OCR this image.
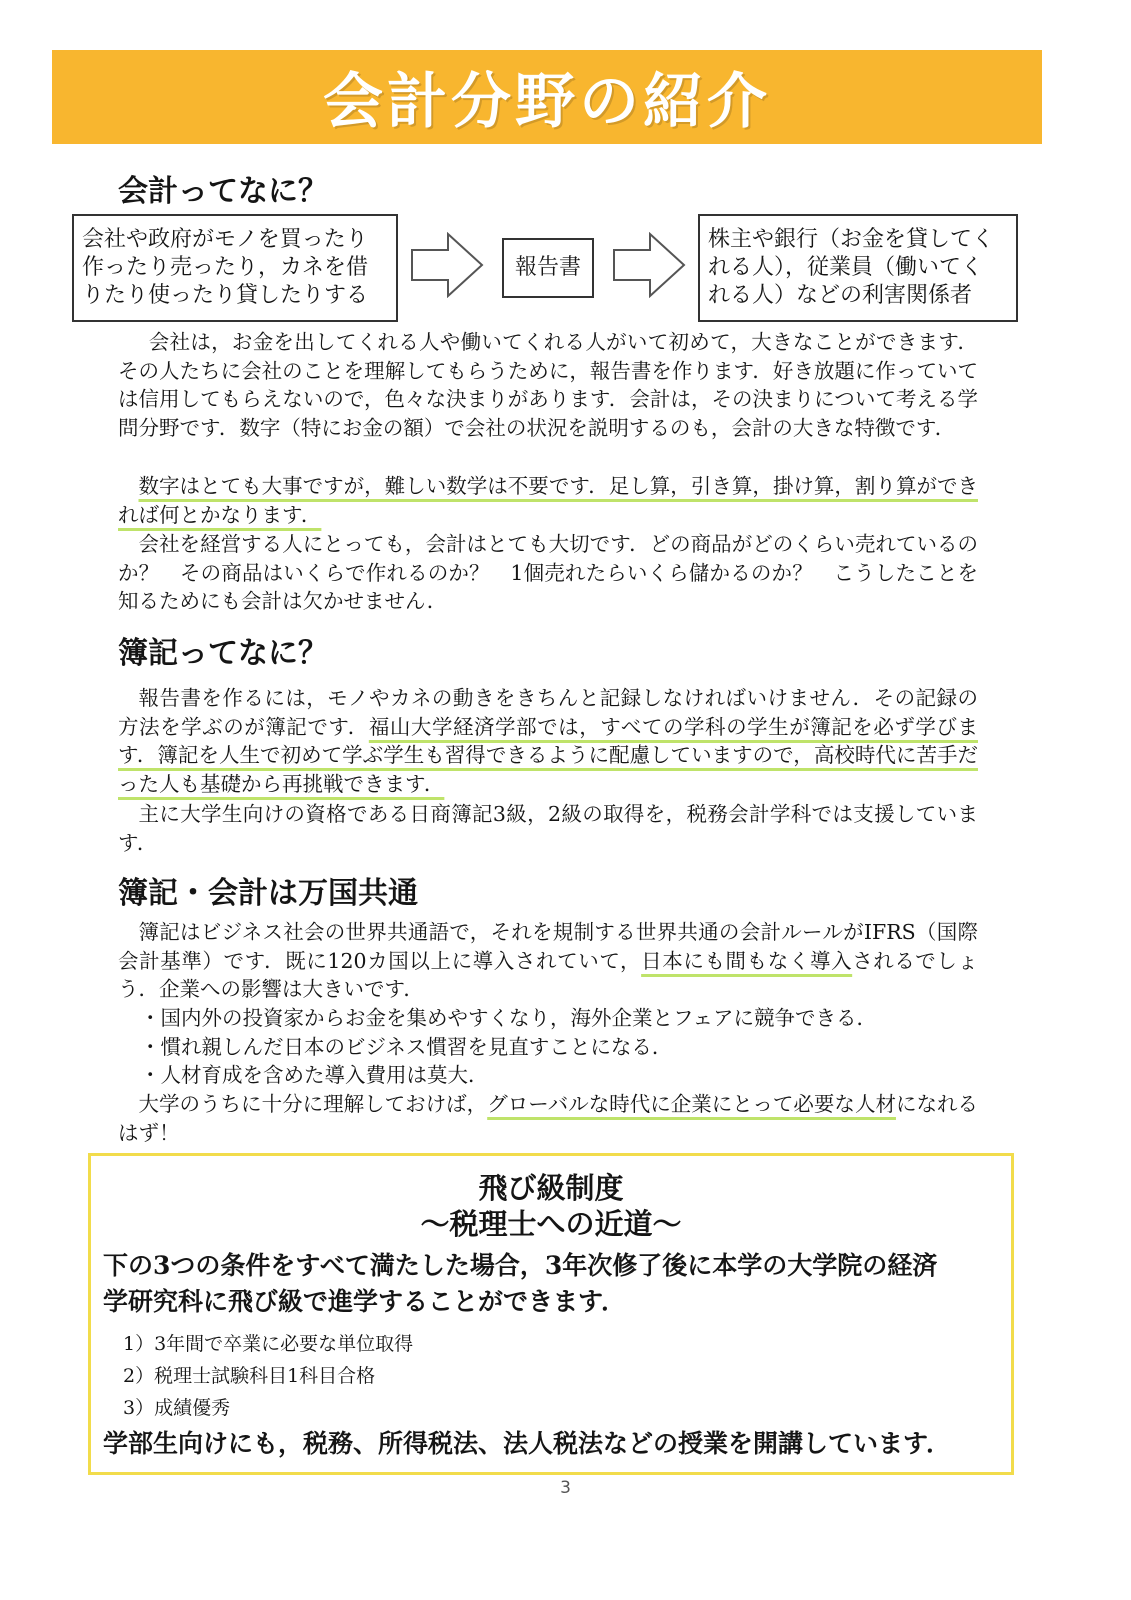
会計分野の紹介
会計ってなに？
会社や政府がモノを買ったり
作ったり売ったり，カネを借
りたり使ったり貸したりする
報告書
株主や銀行（お金を貸してく
れる人），従業員（働いてく
れる人）などの利害関係者

会社は，お金を出してくれる人や働いてくれる人がいて初めて，大きなことができます．その人たちに会社のことを理解してもらうために，報告書を作ります．好き放題に作っていては信用してもらえないので，色々な決まりがあります．会計は，その決まりについて考える学問分野です．数字（特にお金の額）で会社の状況を説明するのも，会計の大きな特徴です．

数字はとても大事ですが，難しい数学は不要です．足し算，引き算，掛け算，割り算ができれば何とかなります．

会社を経営する人にとっても，会計はとても大切です．どの商品がどのくらい売れているのか？　その商品はいくらで作れるのか？　1個売れたらいくら儲かるのか？　こうしたことを知るためにも会計は欠かせません．

簿記ってなに？

報告書を作るには，モノやカネの動きをきちんと記録しなければいけません．その記録の方法を学ぶのが簿記です．福山大学経済学部では，すべての学科の学生が簿記を必ず学びます．簿記を人生で初めて学ぶ学生も習得できるように配慮していますので，高校時代に苦手だった人も基礎から再挑戦できます．

主に大学生向けの資格である日商簿記3級，2級の取得を，税務会計学科では支援しています．

簿記・会計は万国共通

簿記はビジネス社会の世界共通語で，それを規制する世界共通の会計ルールがIFRS（国際会計基準）です．既に120カ国以上に導入されていて，日本にも間もなく導入されるでしょう．企業への影響は大きいです．

・国内外の投資家からお金を集めやすくなり，海外企業とフェアに競争できる．
・慣れ親しんだ日本のビジネス慣習を見直すことになる．
・人材育成を含めた導入費用は莫大．

大学のうちに十分に理解しておけば，グローバルな時代に企業にとって必要な人材になれるはず！

飛び級制度

〜税理士への近道〜

下の3つの条件をすべて満たした場合，3年次修了後に本学の大学院の経済

学研究科に飛び級で進学することができます．

1）3年間で卒業に必要な単位取得
2）税理士試験科目1科目合格
3）成績優秀

学部生向けにも，税務、所得税法、法人税法などの授業を開講しています．

3
